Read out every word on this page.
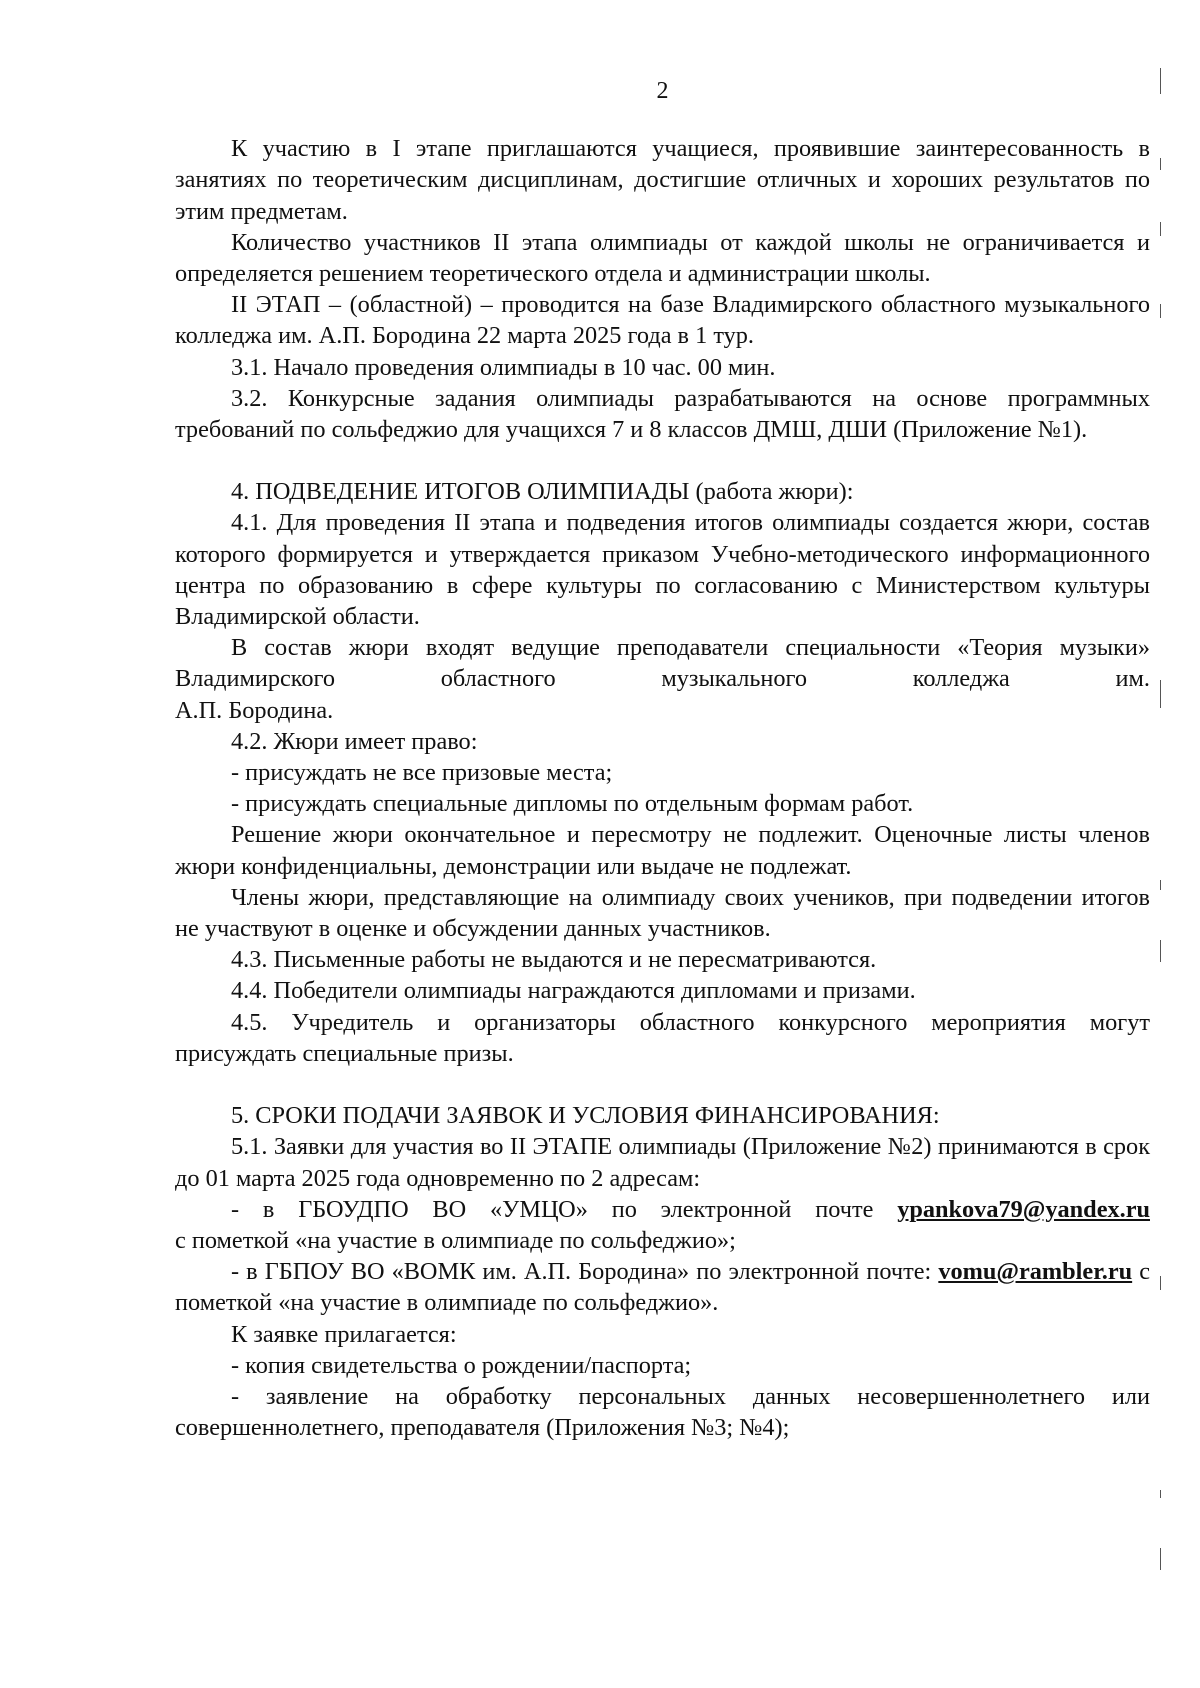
2

К участию в I этапе приглашаются учащиеся, проявившие заинтересованность в занятиях по теоретическим дисциплинам, достигшие отличных и хороших результатов по этим предметам.

Количество участников II этапа олимпиады от каждой школы не ограничивается и определяется решением теоретического отдела и администрации школы.

II ЭТАП – (областной) – проводится на базе Владимирского областного музыкального колледжа им. А.П. Бородина 22 марта 2025 года в 1 тур.

3.1. Начало проведения олимпиады в 10 час. 00 мин.

3.2. Конкурсные задания олимпиады разрабатываются на основе программных требований по сольфеджио для учащихся 7 и 8 классов ДМШ, ДШИ (Приложение №1).

4. ПОДВЕДЕНИЕ ИТОГОВ ОЛИМПИАДЫ (работа жюри):

4.1. Для проведения II этапа и подведения итогов олимпиады создается жюри, состав которого формируется и утверждается приказом Учебно-методического информационного центра по образованию в сфере культуры по согласованию с Министерством культуры Владимирской области.

В состав жюри входят ведущие преподаватели специальности «Теория музыки» Владимирского областного музыкального колледжа им.
А.П. Бородина.

4.2. Жюри имеет право:

- присуждать не все призовые места;

- присуждать специальные дипломы по отдельным формам работ.

Решение жюри окончательное и пересмотру не подлежит. Оценочные листы членов жюри конфиденциальны, демонстрации или выдаче не подлежат.

Члены жюри, представляющие на олимпиаду своих учеников, при подведении итогов не участвуют в оценке и обсуждении данных участников.

4.3. Письменные работы не выдаются и не пересматриваются.

4.4. Победители олимпиады награждаются дипломами и призами.

4.5. Учредитель и организаторы областного конкурсного мероприятия могут присуждать специальные призы.

5. СРОКИ ПОДАЧИ ЗАЯВОК И УСЛОВИЯ ФИНАНСИРОВАНИЯ:

5.1. Заявки для участия во II ЭТАПЕ олимпиады (Приложение №2) принимаются в срок до 01 марта 2025 года одновременно по 2 адресам:

- в ГБОУДПО ВО «УМЦО» по электронной почте ypankova79@yandex.ru
с пометкой «на участие в олимпиаде по сольфеджио»;

- в ГБПОУ ВО «ВОМК им. А.П. Бородина» по электронной почте: vomu@rambler.ru с пометкой «на участие в олимпиаде по сольфеджио».

К заявке прилагается:

- копия свидетельства о рождении/паспорта;

- заявление на обработку персональных данных несовершеннолетнего или совершеннолетнего, преподавателя (Приложения №3; №4);
